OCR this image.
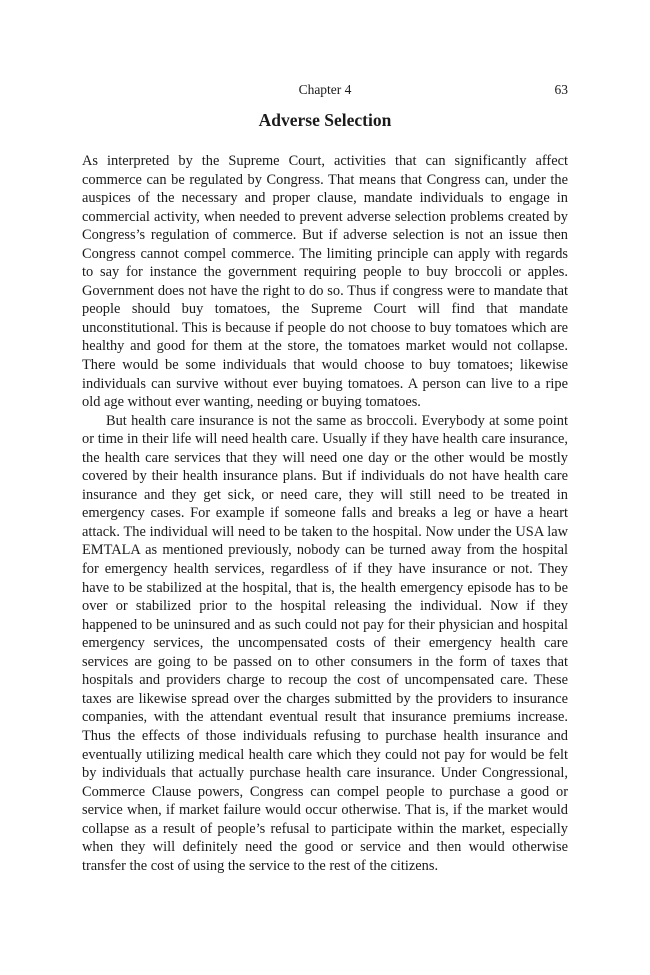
Chapter 4	63
Adverse Selection

As interpreted by the Supreme Court, activities that can significantly affect commerce can be regulated by Congress. That means that Congress can, under the auspices of the necessary and proper clause, mandate individuals to engage in commercial activity, when needed to prevent adverse selection problems created by Congress’s regulation of commerce. But if adverse selection is not an issue then Congress cannot compel commerce. The limiting principle can apply with regards to say for instance the government requiring people to buy broccoli or apples. Government does not have the right to do so. Thus if congress were to mandate that people should buy tomatoes, the Supreme Court will find that mandate unconstitutional. This is because if people do not choose to buy tomatoes which are healthy and good for them at the store, the tomatoes market would not collapse. There would be some individuals that would choose to buy tomatoes; likewise individuals can survive without ever buying tomatoes. A person can live to a ripe old age without ever wanting, needing or buying tomatoes.

But health care insurance is not the same as broccoli. Everybody at some point or time in their life will need health care. Usually if they have health care insurance, the health care services that they will need one day or the other would be mostly covered by their health insurance plans. But if individuals do not have health care insurance and they get sick, or need care, they will still need to be treated in emergency cases. For example if someone falls and breaks a leg or have a heart attack. The individual will need to be taken to the hospital. Now under the USA law EMTALA as mentioned previously, nobody can be turned away from the hospital for emergency health services, regardless of if they have insurance or not. They have to be stabilized at the hospital, that is, the health emergency episode has to be over or stabilized prior to the hospital releasing the individual. Now if they happened to be uninsured and as such could not pay for their physician and hospital emergency services, the uncompensated costs of their emergency health care services are going to be passed on to other consumers in the form of taxes that hospitals and providers charge to recoup the cost of uncompensated care. These taxes are likewise spread over the charges submitted by the providers to insurance companies, with the attendant eventual result that insurance premiums increase. Thus the effects of those individuals refusing to purchase health insurance and eventually utilizing medical health care which they could not pay for would be felt by individuals that actually purchase health care insurance. Under Congressional, Commerce Clause powers, Congress can compel people to purchase a good or service when, if market failure would occur otherwise. That is, if the market would collapse as a result of people’s refusal to participate within the market, especially when they will definitely need the good or service and then would otherwise transfer the cost of using the service to the rest of the citizens.
